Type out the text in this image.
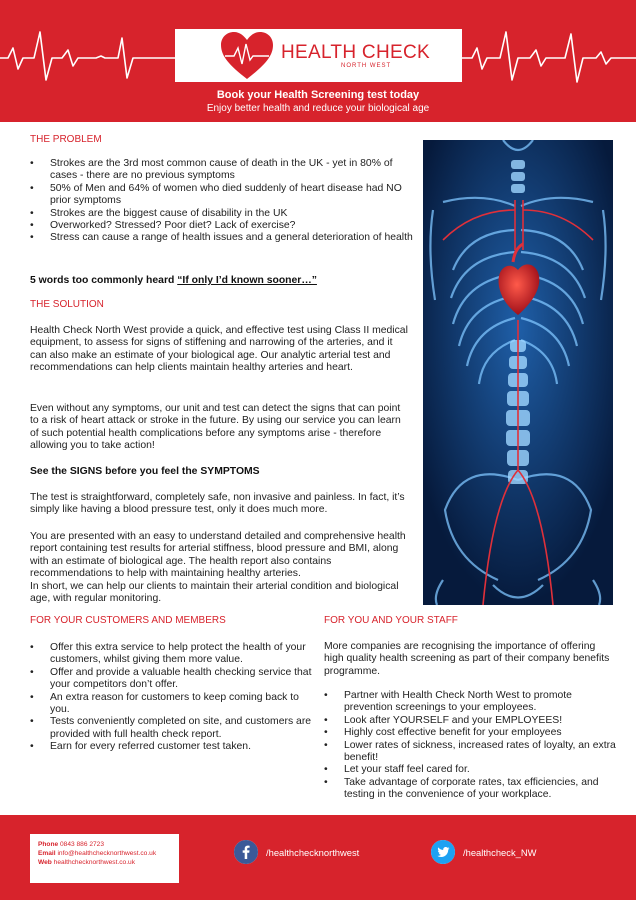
HEALTH CHECK
NORTH WEST
Book your Health Screening test today
Enjoy better health and reduce your biological age
THE PROBLEM
• Strokes are the 3rd most common cause of death in the UK - yet in 80% of cases - there are no previous symptoms
• 50% of Men and 64% of women who died suddenly of heart disease had NO prior symptoms
• Strokes are the biggest cause of disability in the UK
• Overworked? Stressed? Poor diet? Lack of exercise?
• Stress can cause a range of health issues and a general deterioration of health
5 words too commonly heard “If only I’d known sooner…”
THE SOLUTION
Health Check North West provide a quick, and effective test using Class II medical equipment, to assess for signs of stiffening and narrowing of the arteries, and it can also make an estimate of your biological age. Our analytic arterial test and recommendations can help clients maintain healthy arteries and heart.
Even without any symptoms, our unit and test can detect the signs that can point to a risk of heart attack or stroke in the future. By using our service you can learn of such potential health complications before any symptoms arise - therefore allowing you to take action!
See the SIGNS before you feel the SYMPTOMS
The test is straightforward, completely safe, non invasive and painless. In fact, it’s simply like having a blood pressure test, only it does much more.
You are presented with an easy to understand detailed and comprehensive health report containing test results for arterial stiffness, blood pressure and BMI, along with an estimate of biological age. The health report also contains recommendations to help with maintaining healthy arteries.
In short, we can help our clients to maintain their arterial condition and biological age, with regular monitoring.
FOR YOUR CUSTOMERS AND MEMBERS
• Offer this extra service to help protect the health of your customers, whilst giving them more value.
• Offer and provide a valuable health checking service that your competitors don’t offer.
• An extra reason for customers to keep coming back to you.
• Tests conveniently completed on site, and customers are provided with full health check report.
• Earn for every referred customer test taken.
FOR YOU AND YOUR STAFF
More companies are recognising the importance of offering high quality health screening as part of their company benefits programme.
• Partner with Health Check North West to promote prevention screenings to your employees.
• Look after YOURSELF and your EMPLOYEES!
• Highly cost effective benefit for your employees
• Lower rates of sickness, increased rates of loyalty, an extra benefit!
• Let your staff feel cared for.
• Take advantage of corporate rates, tax efficiencies, and testing in the convenience of your workplace.
Phone 0843 886 2723
Email info@healthchecknorthwest.co.uk
Web healthchecknorthwest.co.uk
/healthchecknorthwest	/healthcheck_NW
